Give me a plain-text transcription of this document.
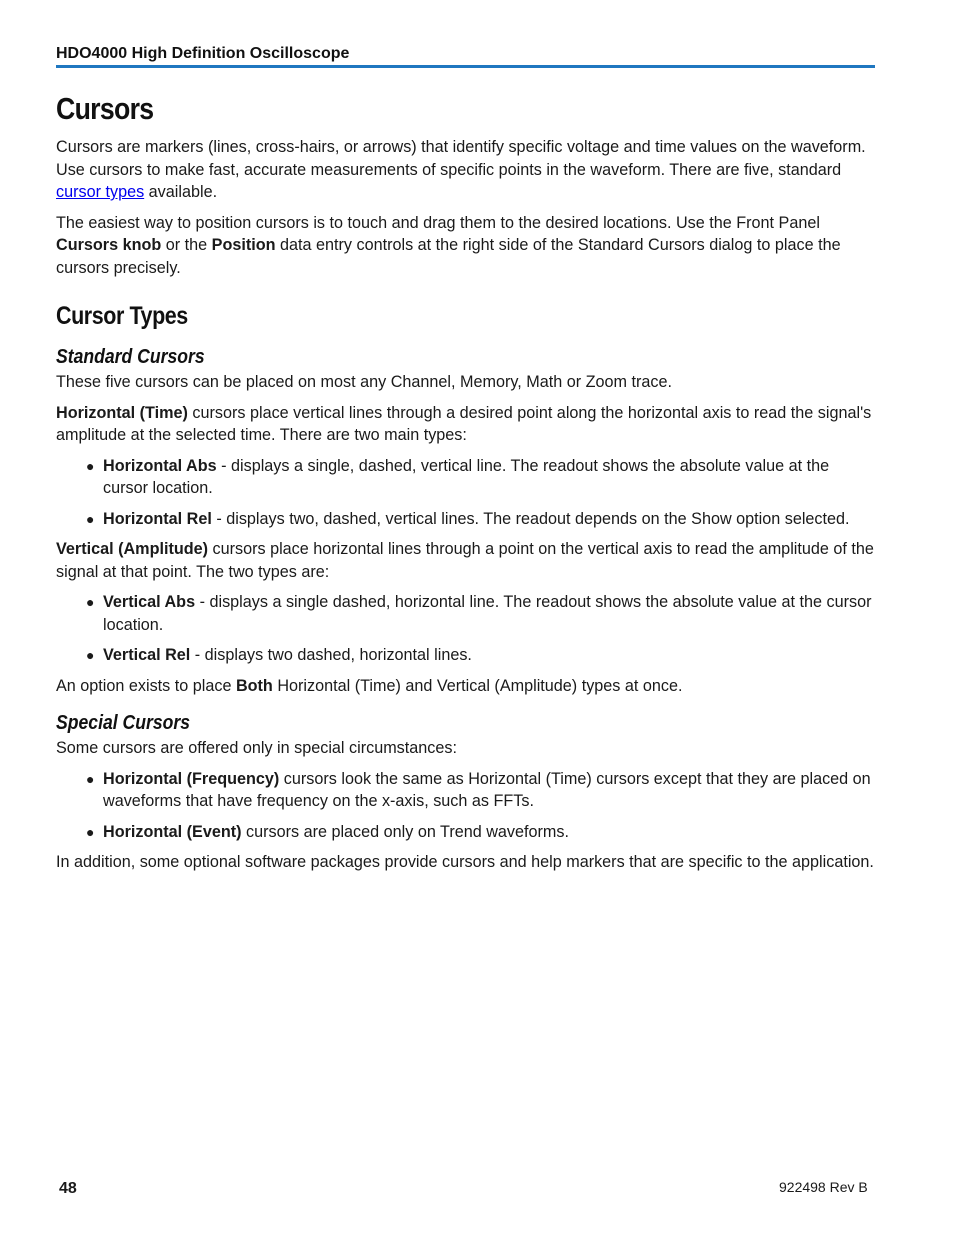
HDO4000 High Definition Oscilloscope
Cursors

Cursors are markers (lines, cross-hairs, or arrows) that identify specific voltage and time values on the waveform. Use cursors to make fast, accurate measurements of specific points in the waveform. There are five, standard cursor types available.

The easiest way to position cursors is to touch and drag them to the desired locations. Use the Front Panel Cursors knob or the Position data entry controls at the right side of the Standard Cursors dialog to place the cursors precisely.

Cursor Types
Standard Cursors

These five cursors can be placed on most any Channel, Memory, Math or Zoom trace.

Horizontal (Time) cursors place vertical lines through a desired point along the horizontal axis to read the signal's amplitude at the selected time. There are two main types:

● Horizontal Abs - displays a single, dashed, vertical line. The readout shows the absolute value at the cursor location.
● Horizontal Rel - displays two, dashed, vertical lines. The readout depends on the Show option selected.

Vertical (Amplitude) cursors place horizontal lines through a point on the vertical axis to read the amplitude of the signal at that point. The two types are:

● Vertical Abs - displays a single dashed, horizontal line. The readout shows the absolute value at the cursor location.
● Vertical Rel - displays two dashed, horizontal lines.

An option exists to place Both Horizontal (Time) and Vertical (Amplitude) types at once.

Special Cursors

Some cursors are offered only in special circumstances:

● Horizontal (Frequency) cursors look the same as Horizontal (Time) cursors except that they are placed on waveforms that have frequency on the x-axis, such as FFTs.
● Horizontal (Event) cursors are placed only on Trend waveforms.

In addition, some optional software packages provide cursors and help markers that are specific to the application.

48	922498 Rev B
